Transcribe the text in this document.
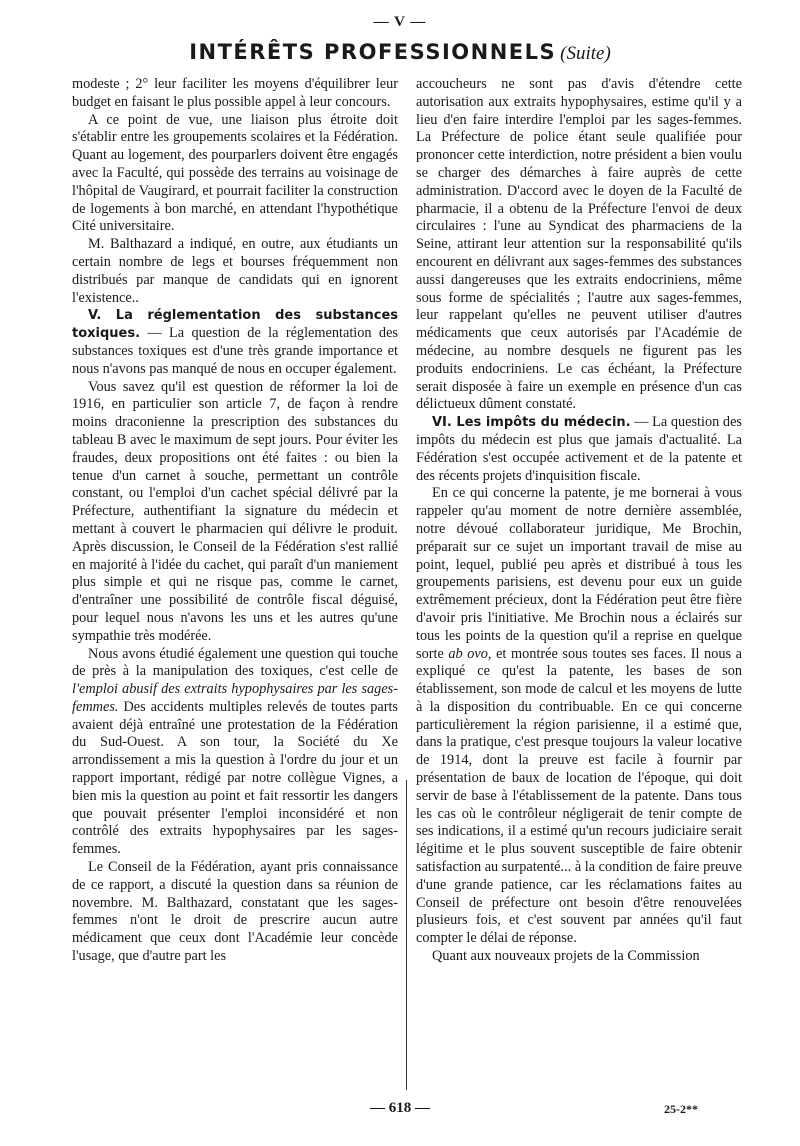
— V —
INTÉRÊTS PROFESSIONNELS (Suite)

modeste ; 2° leur faciliter les moyens d'équilibrer leur budget en faisant le plus possible appel à leur concours.

A ce point de vue, une liaison plus étroite doit s'établir entre les groupements scolaires et la Fédération. Quant au logement, des pourparlers doivent être engagés avec la Faculté, qui possède des terrains au voisinage de l'hôpital de Vaugirard, et pourrait faciliter la construction de logements à bon marché, en attendant l'hypothétique Cité universitaire.

M. Balthazard a indiqué, en outre, aux étudiants un certain nombre de legs et bourses fréquemment non distribués par manque de candidats qui en ignorent l'existence..

V. La réglementation des substances toxiques. — La question de la réglementation des substances toxiques est d'une très grande importance et nous n'avons pas manqué de nous en occuper également.

Vous savez qu'il est question de réformer la loi de 1916, en particulier son article 7, de façon à rendre moins draconienne la prescription des substances du tableau B avec le maximum de sept jours. Pour éviter les fraudes, deux propositions ont été faites : ou bien la tenue d'un carnet à souche, permettant un contrôle constant, ou l'emploi d'un cachet spécial délivré par la Préfecture, authentifiant la signature du médecin et mettant à couvert le pharmacien qui délivre le produit. Après discussion, le Conseil de la Fédération s'est rallié en majorité à l'idée du cachet, qui paraît d'un maniement plus simple et qui ne risque pas, comme le carnet, d'entraîner une possibilité de contrôle fiscal déguisé, pour lequel nous n'avons les uns et les autres qu'une sympathie très modérée.

Nous avons étudié également une question qui touche de près à la manipulation des toxiques, c'est celle de l'emploi abusif des extraits hypophysaires par les sages-femmes. Des accidents multiples relevés de toutes parts avaient déjà entraîné une protestation de la Fédération du Sud-Ouest. A son tour, la Société du Xe arrondissement a mis la question à l'ordre du jour et un rapport important, rédigé par notre collègue Vignes, a bien mis la question au point et fait ressortir les dangers que pouvait présenter l'emploi inconsidéré et non contrôlé des extraits hypophysaires par les sages-femmes.

Le Conseil de la Fédération, ayant pris connaissance de ce rapport, a discuté la question dans sa réunion de novembre. M. Balthazard, constatant que les sages-femmes n'ont le droit de prescrire aucun autre médicament que ceux dont l'Académie leur concède l'usage, que d'autre part les

accoucheurs ne sont pas d'avis d'étendre cette autorisation aux extraits hypophysaires, estime qu'il y a lieu d'en faire interdire l'emploi par les sages-femmes. La Préfecture de police étant seule qualifiée pour prononcer cette interdiction, notre président a bien voulu se charger des démarches à faire auprès de cette administration. D'accord avec le doyen de la Faculté de pharmacie, il a obtenu de la Préfecture l'envoi de deux circulaires : l'une au Syndicat des pharmaciens de la Seine, attirant leur attention sur la responsabilité qu'ils encourent en délivrant aux sages-femmes des substances aussi dangereuses que les extraits endocriniens, même sous forme de spécialités ; l'autre aux sages-femmes, leur rappelant qu'elles ne peuvent utiliser d'autres médicaments que ceux autorisés par l'Académie de médecine, au nombre desquels ne figurent pas les produits endocriniens. Le cas échéant, la Préfecture serait disposée à faire un exemple en présence d'un cas délictueux dûment constaté.

VI. Les impôts du médecin. — La question des impôts du médecin est plus que jamais d'actualité. La Fédération s'est occupée activement et de la patente et des récents projets d'inquisition fiscale.

En ce qui concerne la patente, je me bornerai à vous rappeler qu'au moment de notre dernière assemblée, notre dévoué collaborateur juridique, Me Brochin, préparait sur ce sujet un important travail de mise au point, lequel, publié peu après et distribué à tous les groupements parisiens, est devenu pour eux un guide extrêmement précieux, dont la Fédération peut être fière d'avoir pris l'initiative. Me Brochin nous a éclairés sur tous les points de la question qu'il a reprise en quelque sorte ab ovo, et montrée sous toutes ses faces. Il nous a expliqué ce qu'est la patente, les bases de son établissement, son mode de calcul et les moyens de lutte à la disposition du contribuable. En ce qui concerne particulièrement la région parisienne, il a estimé que, dans la pratique, c'est presque toujours la valeur locative de 1914, dont la preuve est facile à fournir par présentation de baux de location de l'époque, qui doit servir de base à l'établissement de la patente. Dans tous les cas où le contrôleur négligerait de tenir compte de ses indications, il a estimé qu'un recours judiciaire serait légitime et le plus souvent susceptible de faire obtenir satisfaction au surpatenté... à la condition de faire preuve d'une grande patience, car les réclamations faites au Conseil de préfecture ont besoin d'être renouvelées plusieurs fois, et c'est souvent par années qu'il faut compter le délai de réponse.

Quant aux nouveaux projets de la Commission

— 618 —	25-2**
